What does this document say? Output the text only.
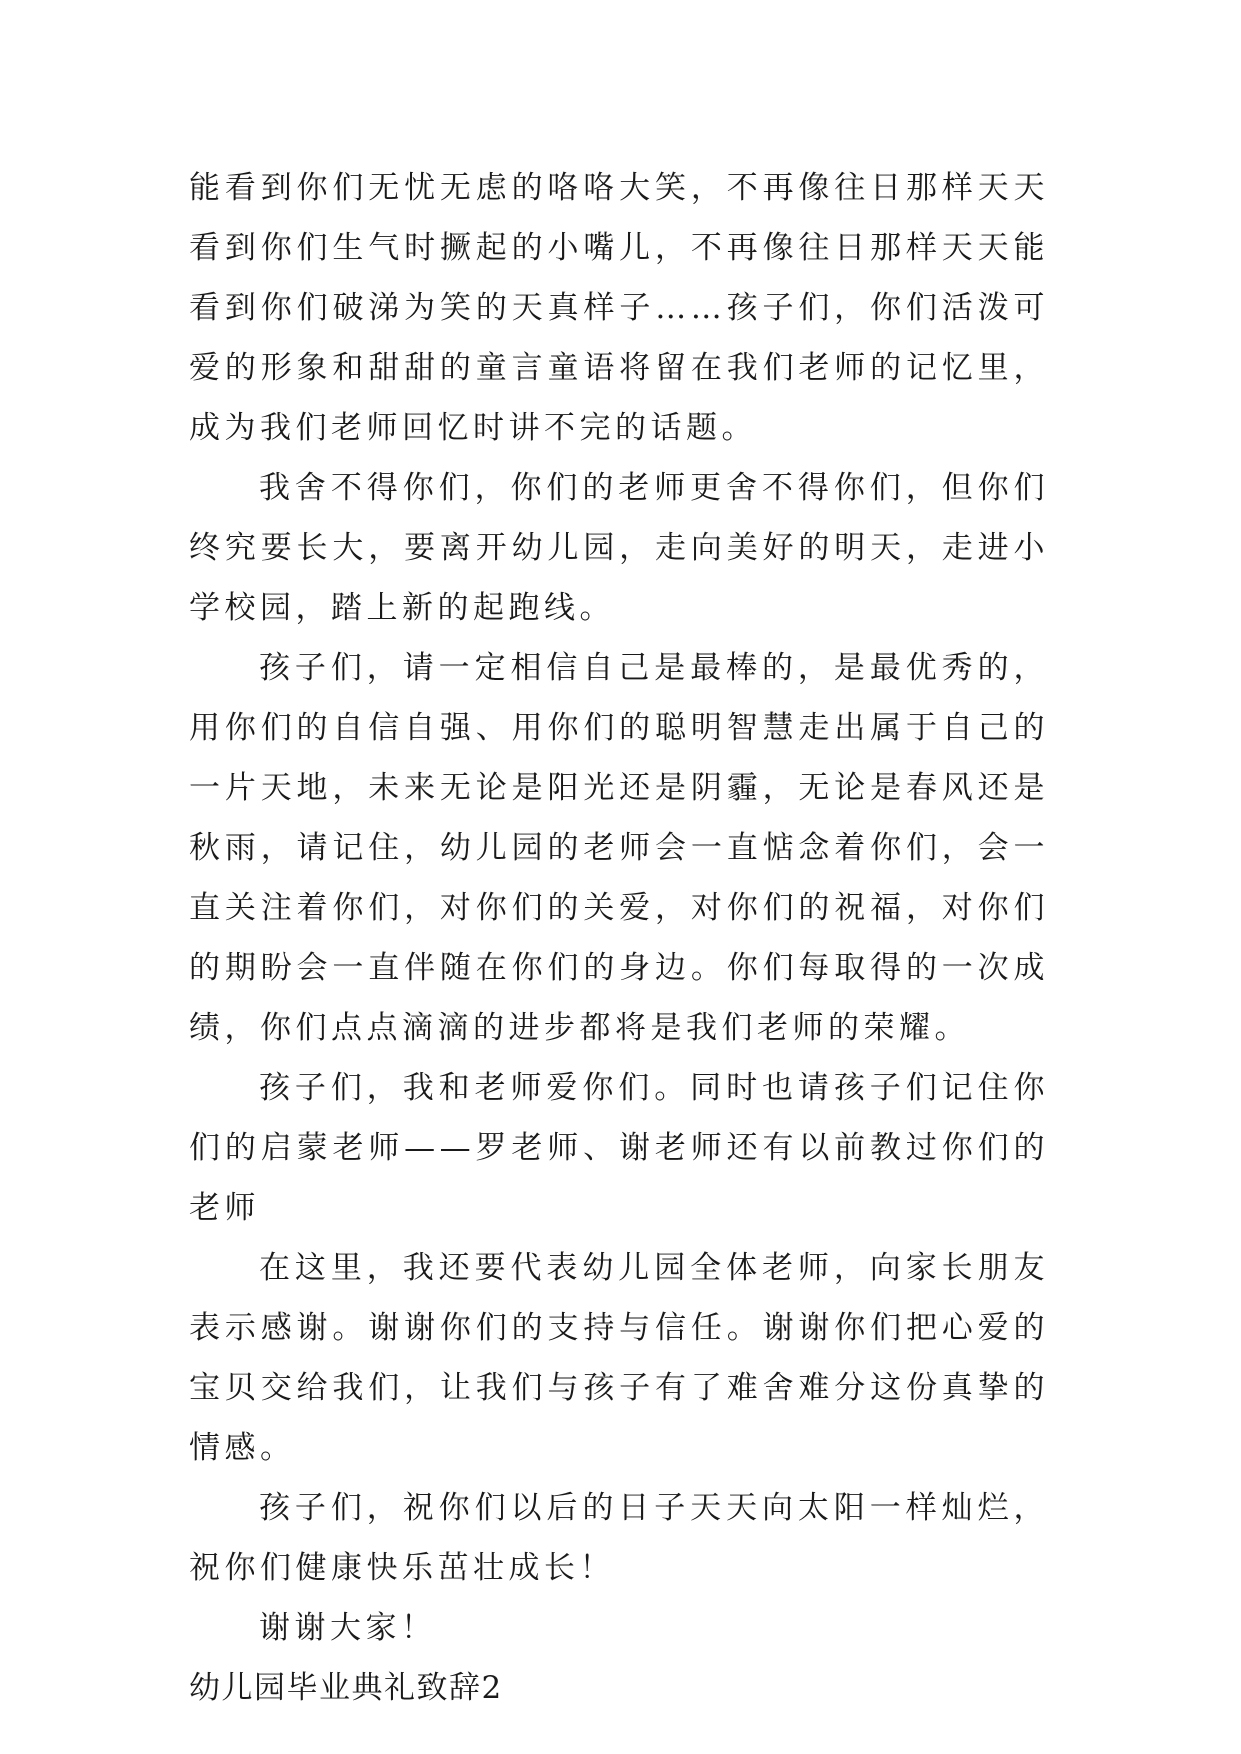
能看到你们无忧无虑的咯咯大笑，不再像往日那样天天看到你们生气时撅起的小嘴儿，不再像往日那样天天能看到你们破涕为笑的天真样子……孩子们，你们活泼可爱的形象和甜甜的童言童语将留在我们老师的记忆里，成为我们老师回忆时讲不完的话题。

我舍不得你们，你们的老师更舍不得你们，但你们终究要长大，要离开幼儿园，走向美好的明天，走进小学校园，踏上新的起跑线。

孩子们，请一定相信自己是最棒的，是最优秀的，用你们的自信自强、用你们的聪明智慧走出属于自己的一片天地，未来无论是阳光还是阴霾，无论是春风还是秋雨，请记住，幼儿园的老师会一直惦念着你们，会一直关注着你们，对你们的关爱，对你们的祝福，对你们的期盼会一直伴随在你们的身边。你们每取得的一次成绩，你们点点滴滴的进步都将是我们老师的荣耀。

孩子们，我和老师爱你们。同时也请孩子们记住你们的启蒙老师——罗老师、谢老师还有以前教过你们的老师

在这里，我还要代表幼儿园全体老师，向家长朋友表示感谢。谢谢你们的支持与信任。谢谢你们把心爱的宝贝交给我们，让我们与孩子有了难舍难分这份真挚的情感。

孩子们，祝你们以后的日子天天向太阳一样灿烂，祝你们健康快乐茁壮成长！

谢谢大家！

幼儿园毕业典礼致辞2
